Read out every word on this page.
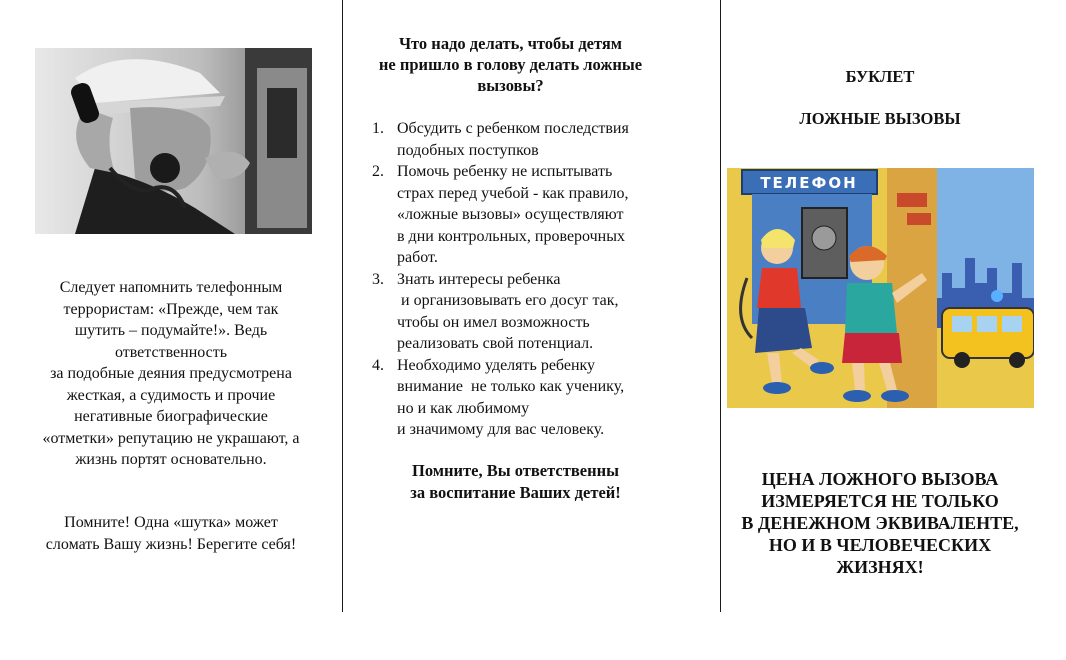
Следует напомнить телефонным
террористам: «Прежде, чем так
шутить – подумайте!». Ведь
ответственность
за подобные деяния предусмотрена
жесткая, а судимость и прочие
негативные биографические
«отметки» репутацию не украшают, а
жизнь портят основательно.
Помните! Одна «шутка» может
сломать Вашу жизнь! Берегите себя!
Что надо делать, чтобы детям
не пришло в голову делать ложные
вызовы?
1. Обсудить с ребенком последствия
подобных поступков
2. Помочь ребенку не испытывать
страх перед учебой - как правило,
«ложные вызовы» осуществляют
в дни контрольных, проверочных
работ.
3. Знать интересы ребенка
и организовывать его досуг так,
чтобы он имел возможность
реализовать свой потенциал.
4. Необходимо уделять ребенку
внимание  не только как ученику,
но и как любимому
и значимому для вас человеку.
Помните, Вы ответственны
за воспитание Ваших детей!
БУКЛЕТ
ЛОЖНЫЕ ВЫЗОВЫ
ТЕЛЕФОН
ЦЕНА ЛОЖНОГО ВЫЗОВА
ИЗМЕРЯЕТСЯ НЕ ТОЛЬКО
В ДЕНЕЖНОМ ЭКВИВАЛЕНТЕ,
НО И В ЧЕЛОВЕЧЕСКИХ
ЖИЗНЯХ!
